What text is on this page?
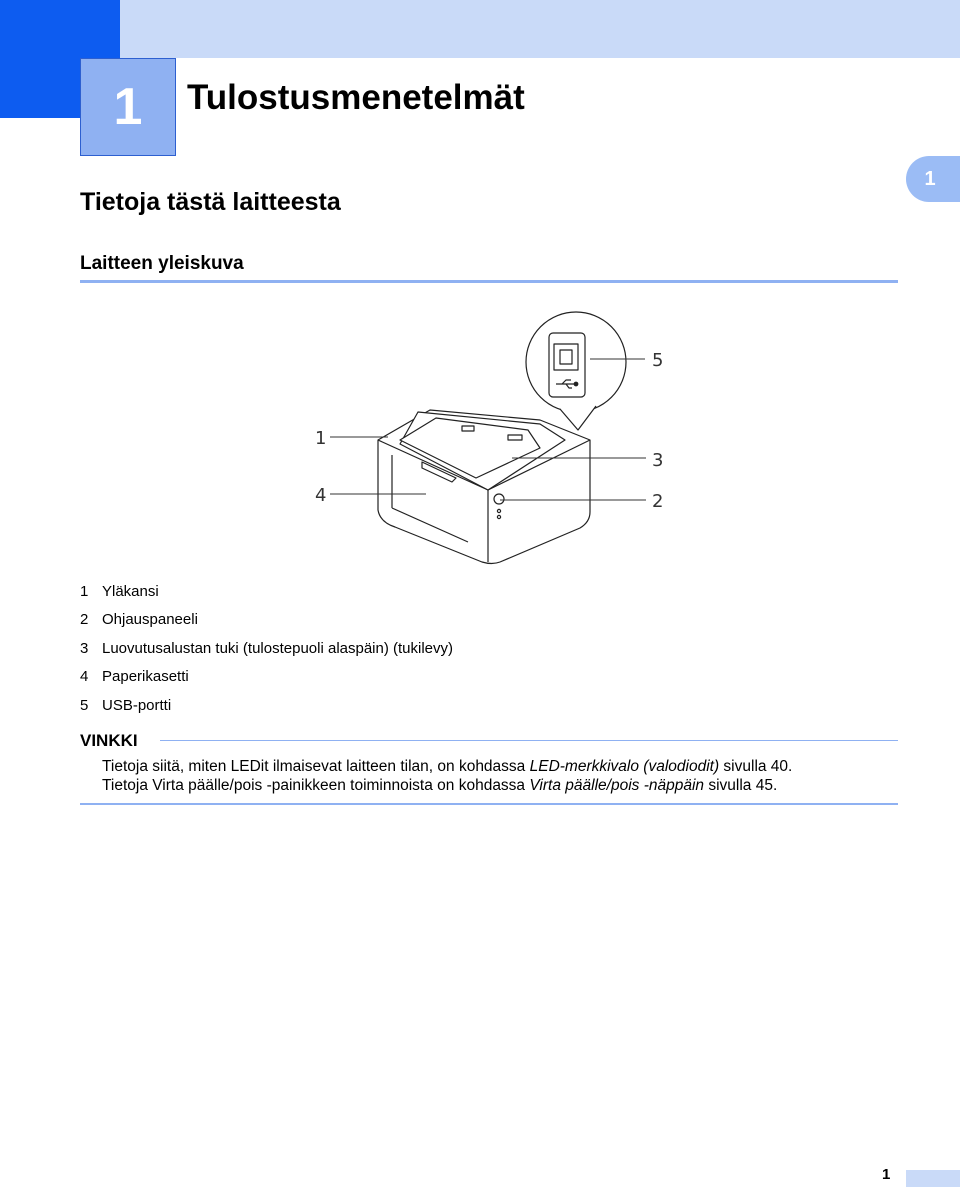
1 Tulostusmenetelmät
1
Tietoja tästä laitteesta
Laitteen yleiskuva
1
4
5
3
2
1 Yläkansi
2 Ohjauspaneeli
3 Luovutusalustan tuki (tulostepuoli alaspäin) (tukilevy)
4 Paperikasetti
5 USB-portti
VINKKI

Tietoja siitä, miten LEDit ilmaisevat laitteen tilan, on kohdassa LED-merkkivalo (valodiodit) sivulla 40.

Tietoja Virta päälle/pois -painikkeen toiminnoista on kohdassa Virta päälle/pois -näppäin sivulla 45.

1
